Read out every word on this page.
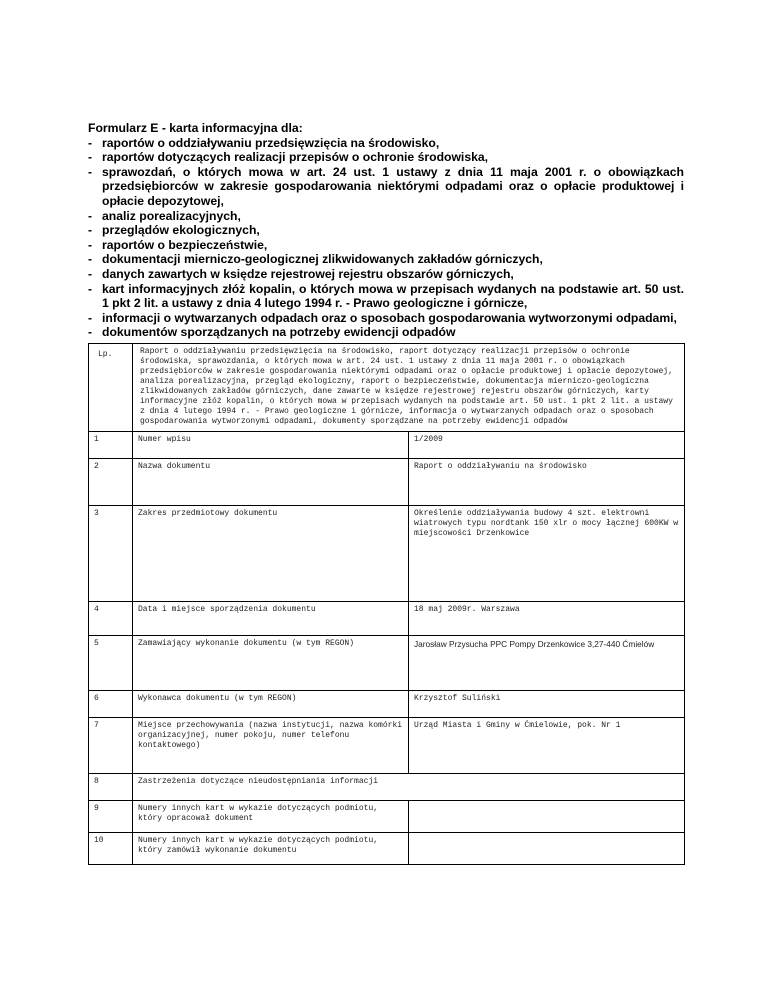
Formularz E - karta informacyjna dla:
- raportów o oddziaływaniu przedsięwzięcia na środowisko,
- raportów dotyczących realizacji przepisów o ochronie środowiska,
- sprawozdań, o których mowa w art. 24 ust. 1 ustawy z dnia 11 maja 2001 r. o obowiązkach przedsiębiorców w zakresie gospodarowania niektórymi odpadami oraz o opłacie produktowej i opłacie depozytowej,
- analiz porealizacyjnych,
- przeglądów ekologicznych,
- raportów o bezpieczeństwie,
- dokumentacji mierniczo-geologicznej zlikwidowanych zakładów górniczych,
- danych zawartych w księdze rejestrowej rejestru obszarów górniczych,
- kart informacyjnych złóż kopalin, o których mowa w przepisach wydanych na podstawie art. 50 ust. 1 pkt 2 lit. a ustawy z dnia 4 lutego 1994 r. - Prawo geologiczne i górnicze,
- informacji o wytwarzanych odpadach oraz o sposobach gospodarowania wytworzonymi odpadami,
- dokumentów sporządzanych na potrzeby ewidencji odpadów
Lp.	Raport o oddziaływaniu przedsięwzięcia na środowisko, raport dotyczący realizacji przepisów o ochronie środowiska, sprawozdania, o których mowa w art. 24 ust. 1 ustawy z dnia 11 maja 2001 r. o obowiązkach przedsiębiorców w zakresie gospodarowania niektórymi odpadami oraz o opłacie produktowej i opłacie depozytowej, analiza porealizacyjna, przegląd ekologiczny, raport o bezpieczeństwie, dokumentacja mierniczo-geologiczna zlikwidowanych zakładów górniczych, dane zawarte w księdze rejestrowej rejestru obszarów górniczych, karty informacyjne złóż kopalin, o których mowa w przepisach wydanych na podstawie art. 50 ust. 1 pkt 2 lit. a ustawy z dnia 4 lutego 1994 r. - Prawo geologiczne i górnicze, informacja o wytwarzanych odpadach oraz o sposobach gospodarowania wytworzonymi odpadami, dokumenty sporządzane na potrzeby ewidencji odpadów	
1	Numer wpisu	1/2009
2	Nazwa dokumentu	Raport o oddziaływaniu na środowisko
3	Zakres przedmiotowy dokumentu	Określenie oddziaływania budowy 4 szt. elektrowni wiatrowych typu nordtank 150 xlr o mocy łącznej 600KW w miejscowości Drzenkowice
4	Data i miejsce sporządzenia dokumentu	18 maj 2009r. Warszawa
5	Zamawiający wykonanie dokumentu (w tym REGON)	Jarosław Przysucha PPC Pompy Drzenkowice 3,27-440 Ćmielów
6	Wykonawca dokumentu (w tym REGON)	Krzysztof Suliński
7	Miejsce przechowywania (nazwa instytucji, nazwa komórki organizacyjnej, numer pokoju, numer telefonu kontaktowego)	Urząd Miasta i Gminy w Ćmielowie, pok. Nr 1
8	Zastrzeżenia dotyczące nieudostępniania informacji	
9	Numery innych kart w wykazie dotyczących podmiotu, który opracował dokument	
10	Numery innych kart w wykazie dotyczących podmiotu, który zamówił wykonanie dokumentu	
